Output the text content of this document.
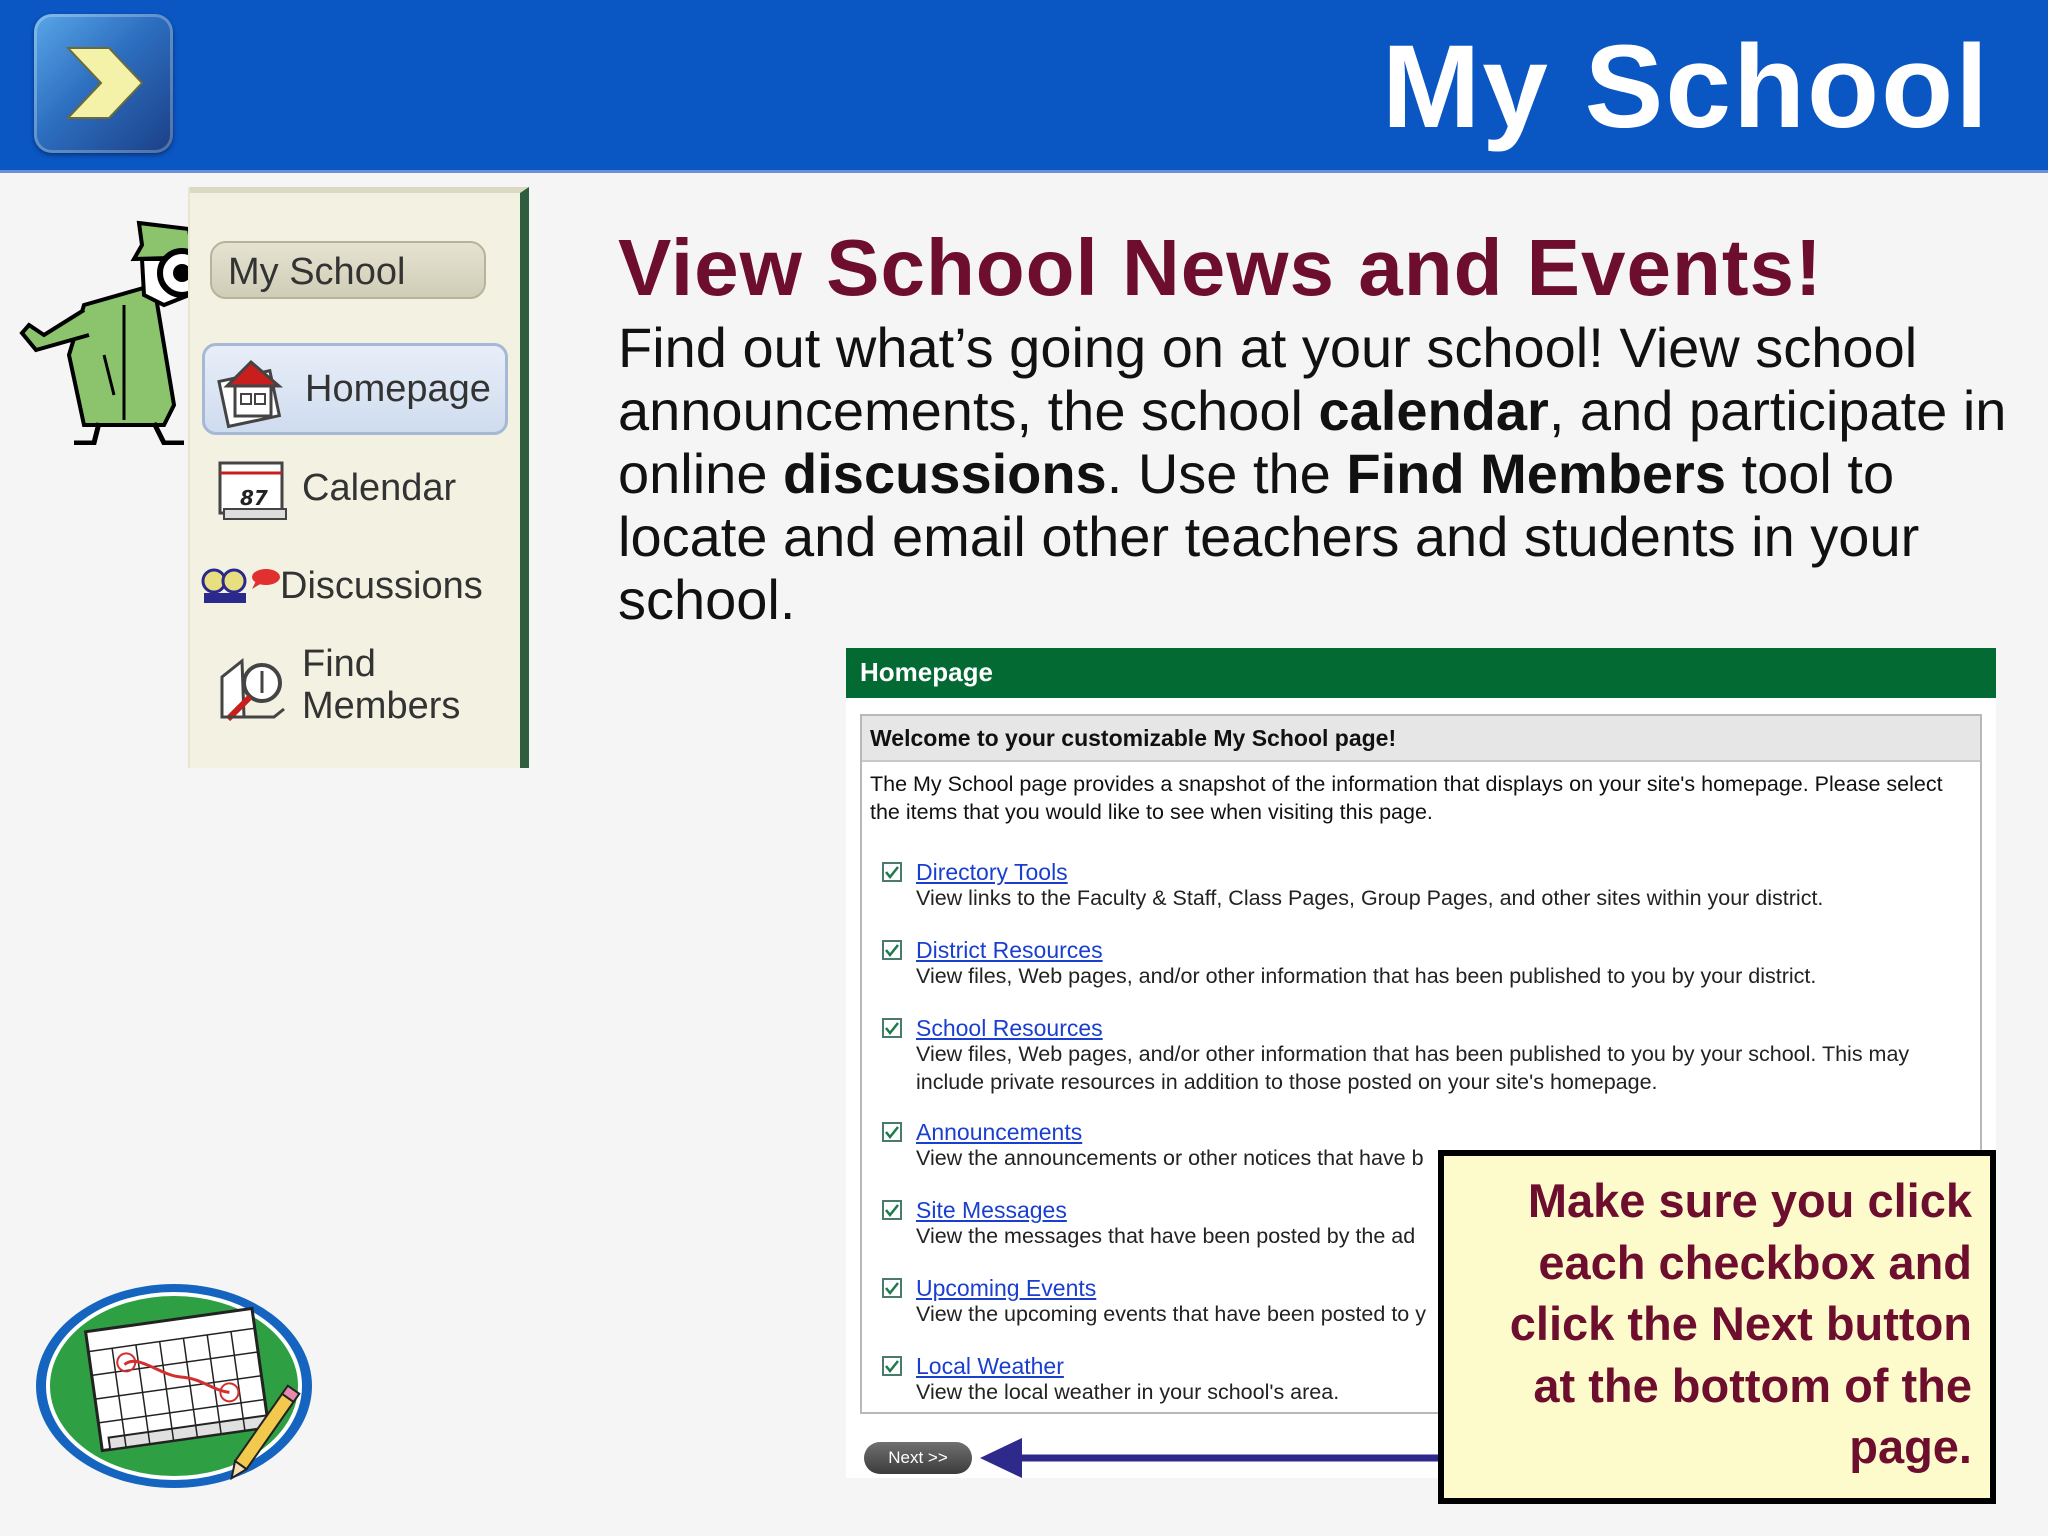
My School
My School
Homepage
87 Calendar
Discussions
Find
Members
View School News and Events!
Find out what’s going on at your school! View school announcements, the school calendar, and participate in online discussions. Use the Find Members tool to locate and email other teachers and students in your school.
Homepage
Welcome to your customizable My School page!
The My School page provides a snapshot of the information that displays on your site's homepage. Please select the items that you would like to see when visiting this page.
Directory Tools
View links to the Faculty & Staff, Class Pages, Group Pages, and other sites within your district.
District Resources
View files, Web pages, and/or other information that has been published to you by your district.
School Resources
View files, Web pages, and/or other information that has been published to you by your school. This may include private resources in addition to those posted on your site's homepage.
Announcements
View the announcements or other notices that have b
Site Messages
View the messages that have been posted by the ad
Upcoming Events
View the upcoming events that have been posted to y
Local Weather
View the local weather in your school's area.
Next >>
Make sure you click
each checkbox and
click the Next button
at the bottom of the
page.
